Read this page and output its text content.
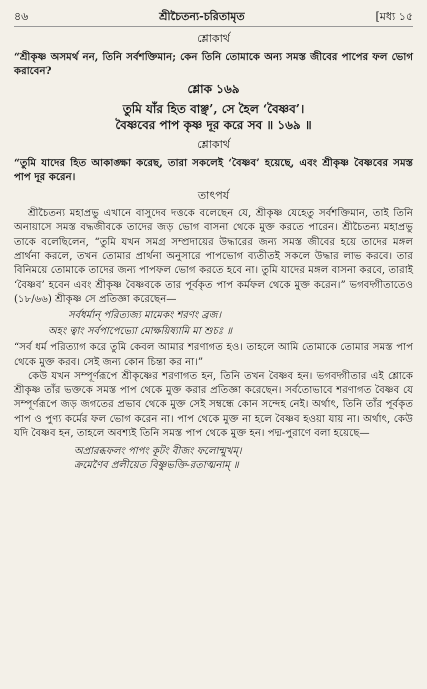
৪৬	শ্রীচৈতন্য-চরিতামৃত	[মধ্য ১৫
শ্লোকার্থ

“শ্রীকৃষ্ণ অসমর্থ নন, তিনি সর্বশক্তিমান; কেন তিনি তোমাকে অন্য সমস্ত জীবের পাপের ফল ভোগ করাবেন?

শ্লোক ১৬৯

তুমি যাঁর হিত বাঞ্ছ’, সে হৈল ‘বৈষ্ণব’।

বৈষ্ণবের পাপ কৃষ্ণ দূর করে সব ॥ ১৬৯ ॥

শ্লোকার্থ

“তুমি যাদের হিত আকাঙ্ক্ষা করেছ, তারা সকলেই ‘বৈষ্ণব’ হয়েছে, এবং শ্রীকৃষ্ণ বৈষ্ণবের সমস্ত পাপ দূর করেন।

তাৎপর্য

শ্রীচৈতন্য মহাপ্রভু এখানে বাসুদেব দত্তকে বলেছেন যে, শ্রীকৃষ্ণ যেহেতু সর্বশক্তিমান, তাই তিনি অনায়াসে সমস্ত বদ্ধজীবকে তাদের জড় ভোগ বাসনা থেকে মুক্ত করতে পারেন। শ্রীচৈতন্য মহাপ্রভু তাকে বলেছিলেন, “তুমি যখন সমগ্র সম্প্রদায়ের উদ্ধারের জন্য সমস্ত জীবের হয়ে তাদের মঙ্গল প্রার্থনা করলে, তখন তোমার প্রার্থনা অনুসারে পাপভোগ ব্যতীতই সকলে উদ্ধার লাভ করবে। তার বিনিময়ে তোমাকে তাদের জন্য পাপফল ভোগ করতে হবে না। তুমি যাদের মঙ্গল বাসনা করবে, তারাই ‘বৈষ্ণব’ হবেন এবং শ্রীকৃষ্ণ বৈষ্ণবকে তার পূর্বকৃত পাপ কর্মফল থেকে মুক্ত করেন।” ভগবদ্গীতাতেও (১৮/৬৬) শ্রীকৃষ্ণ সে প্রতিজ্ঞা করেছেন—

সর্বধর্মান্ পরিত্যজ্য মামেকং শরণং ব্রজ।

অহং ত্বাং সর্বপাপেভ্যো মোক্ষয়িষ্যামি মা শুচঃ ॥

“সর্ব ধর্ম পরিত্যাগ করে তুমি কেবল আমার শরণাগত হও। তাহলে আমি তোমাকে তোমার সমস্ত পাপ থেকে মুক্ত করব। সেই জন্য কোন চিন্তা কর না।”

কেউ যখন সম্পূর্ণরূপে শ্রীকৃষ্ণের শরণাগত হন, তিনি তখন বৈষ্ণব হন। ভগবদ্গীতার এই শ্লোকে শ্রীকৃষ্ণ তাঁর ভক্তকে সমস্ত পাপ থেকে মুক্ত করার প্রতিজ্ঞা করেছেন। সর্বতোভাবে শরণাগত বৈষ্ণব যে সম্পূর্ণরূপে জড় জগতের প্রভাব থেকে মুক্ত সেই সম্বন্ধে কোন সন্দেহ নেই। অর্থাৎ, তিনি তাঁর পূর্বকৃত পাপ ও পুণ্য কর্মের ফল ভোগ করেন না। পাপ থেকে মুক্ত না হলে বৈষ্ণব হওয়া যায় না। অর্থাৎ, কেউ যদি বৈষ্ণব হন, তাহলে অবশ্যই তিনি সমস্ত পাপ থেকে মুক্ত হন। পদ্ম-পুরাণে বলা হয়েছে—

অপ্রারব্ধফলং পাপং কূটং বীজং ফলোন্মুখম্।

ক্রমেণৈব প্রলীয়েত বিষ্ণুভক্তি-রতাত্মনাম্ ॥
